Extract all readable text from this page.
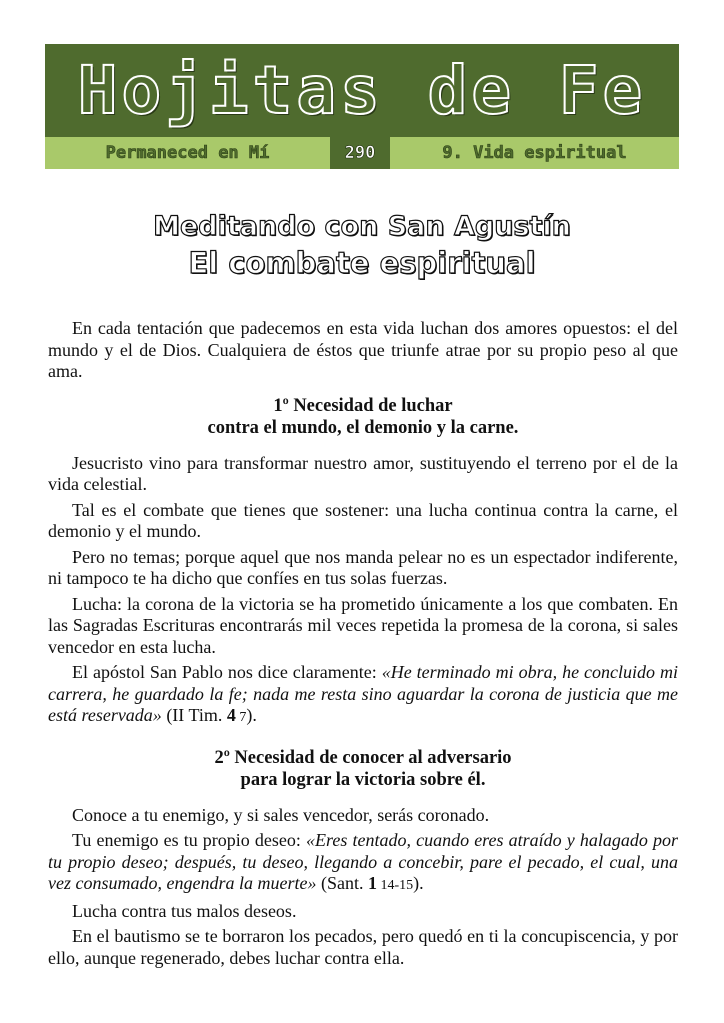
Hojitas de Fe
Permaneced en Mí	290	9. Vida espiritual
Meditando con San Agustín
El combate espiritual

En cada tentación que padecemos en esta vida luchan dos amores opuestos: el del mundo y el de Dios. Cualquiera de éstos que triunfe atrae por su propio peso al que ama.

1º Necesidad de luchar
contra el mundo, el demonio y la carne.

Jesucristo vino para transformar nuestro amor, sustituyendo el terreno por el de la vida celestial.

Tal es el combate que tienes que sostener: una lucha continua contra la carne, el demonio y el mundo.

Pero no temas; porque aquel que nos manda pelear no es un espectador indiferente, ni tampoco te ha dicho que confíes en tus solas fuerzas.

Lucha: la corona de la victoria se ha prometido únicamente a los que combaten. En las Sagradas Escrituras encontrarás mil veces repetida la promesa de la corona, si sales vencedor en esta lucha.

El apóstol San Pablo nos dice claramente: «He terminado mi obra, he concluido mi carrera, he guardado la fe; nada me resta sino aguardar la corona de justicia que me está reservada» (II Tim. 4 7).

2º Necesidad de conocer al adversario
para lograr la victoria sobre él.

Conoce a tu enemigo, y si sales vencedor, serás coronado.

Tu enemigo es tu propio deseo: «Eres tentado, cuando eres atraído y halagado por tu propio deseo; después, tu deseo, llegando a concebir, pare el pecado, el cual, una vez consumado, engendra la muerte» (Sant. 1 14-15).

Lucha contra tus malos deseos.

En el bautismo se te borraron los pecados, pero quedó en ti la concupiscencia, y por ello, aunque regenerado, debes luchar contra ella.
